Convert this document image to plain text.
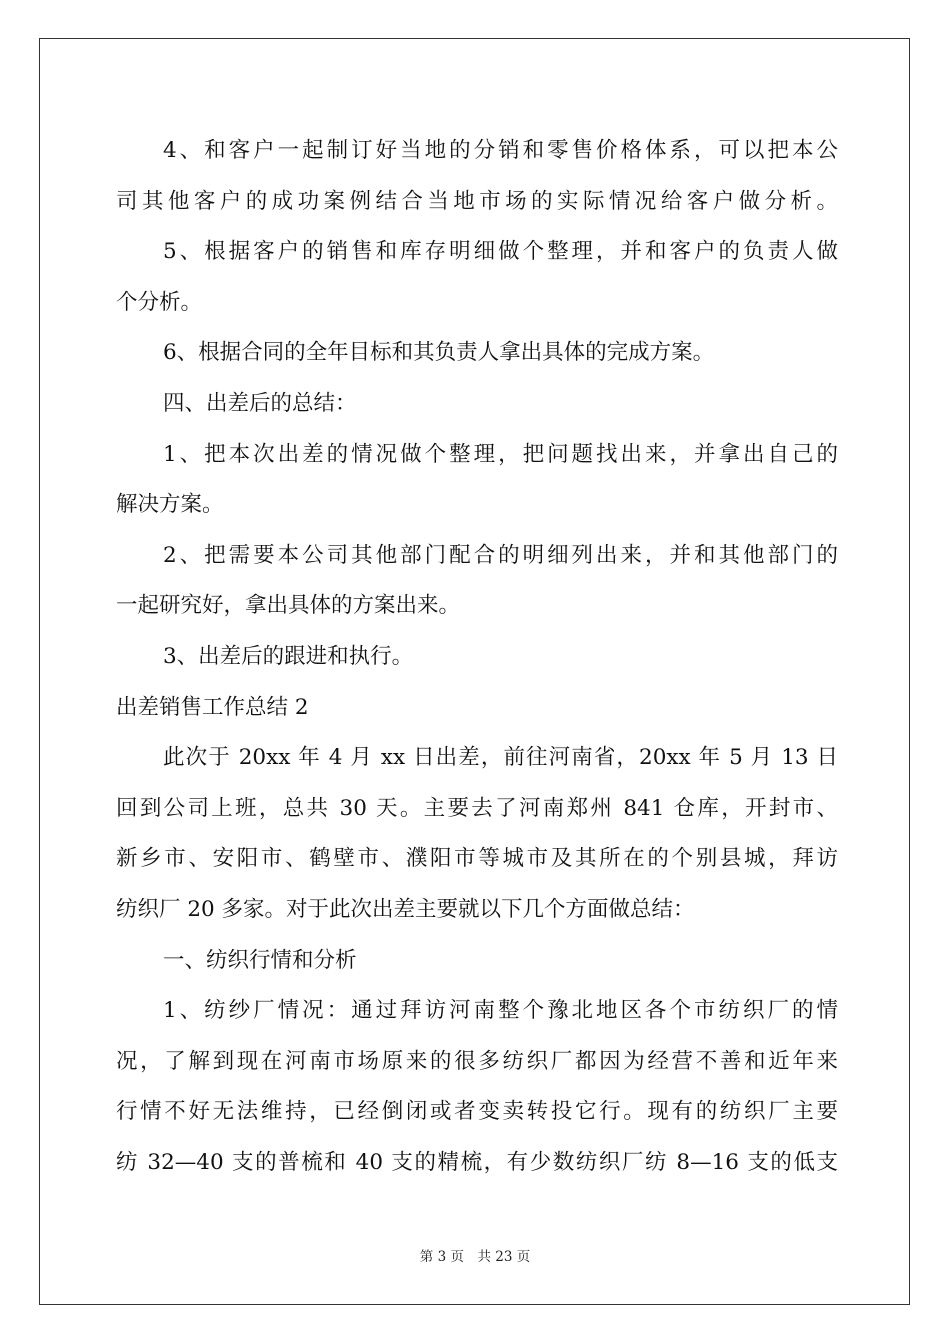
4、和客户一起制订好当地的分销和零售价格体系，可以把本公
司其他客户的成功案例结合当地市场的实际情况给客户做分析。
5、根据客户的销售和库存明细做个整理，并和客户的负责人做
个分析。
6、根据合同的全年目标和其负责人拿出具体的完成方案。
四、出差后的总结：
1、把本次出差的情况做个整理，把问题找出来，并拿出自己的
解决方案。
2、把需要本公司其他部门配合的明细列出来，并和其他部门的
一起研究好，拿出具体的方案出来。
3、出差后的跟进和执行。
出差销售工作总结 2
此次于 20xx 年 4 月 xx 日出差，前往河南省，20xx 年 5 月 13 日
回到公司上班，总共 30 天。主要去了河南郑州 841 仓库，开封市、
新乡市、安阳市、鹤壁市、濮阳市等城市及其所在的个别县城，拜访
纺织厂 20 多家。对于此次出差主要就以下几个方面做总结：
一、纺织行情和分析
1、纺纱厂情况：通过拜访河南整个豫北地区各个市纺织厂的情
况，了解到现在河南市场原来的很多纺织厂都因为经营不善和近年来
行情不好无法维持，已经倒闭或者变卖转投它行。现有的纺织厂主要
纺 32—40 支的普梳和 40 支的精梳，有少数纺织厂纺 8—16 支的低支
第 3 页　共 23 页
